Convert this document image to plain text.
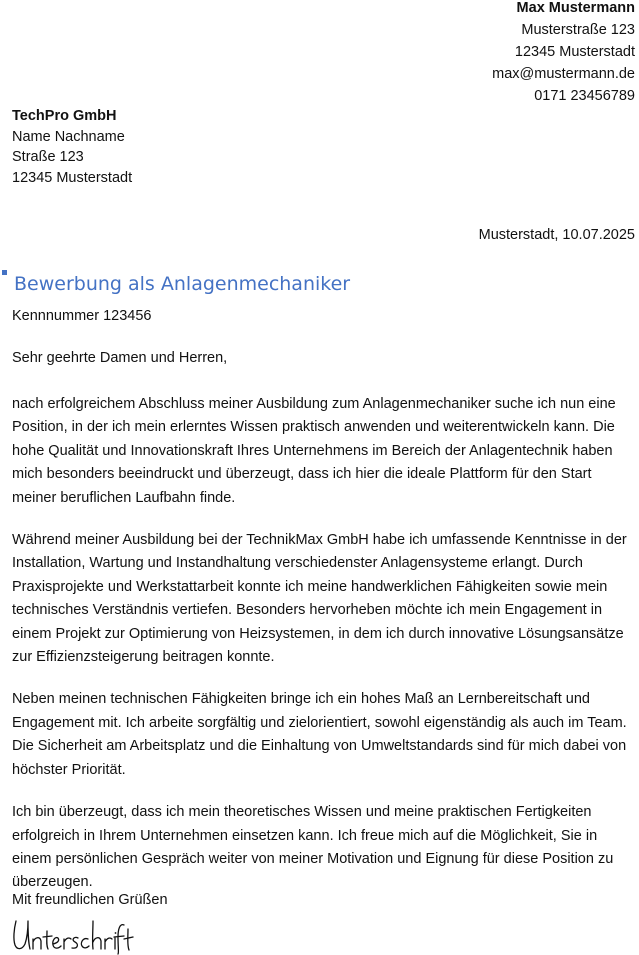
Max Mustermann
Musterstraße 123
12345 Musterstadt
max@mustermann.de
0171 23456789
TechPro GmbH
Name Nachname
Straße 123
12345 Musterstadt
Musterstadt, 10.07.2025
Bewerbung als Anlagenmechaniker
Kennnummer 123456
Sehr geehrte Damen und Herren,

nach erfolgreichem Abschluss meiner Ausbildung zum Anlagenmechaniker suche ich nun eine Position, in der ich mein erlerntes Wissen praktisch anwenden und weiterentwickeln kann. Die hohe Qualität und Innovationskraft Ihres Unternehmens im Bereich der Anlagentechnik haben mich besonders beeindruckt und überzeugt, dass ich hier die ideale Plattform für den Start meiner beruflichen Laufbahn finde.

Während meiner Ausbildung bei der TechnikMax GmbH habe ich umfassende Kenntnisse in der Installation, Wartung und Instandhaltung verschiedenster Anlagensysteme erlangt. Durch Praxisprojekte und Werkstattarbeit konnte ich meine handwerklichen Fähigkeiten sowie mein technisches Verständnis vertiefen. Besonders hervorheben möchte ich mein Engagement in einem Projekt zur Optimierung von Heizsystemen, in dem ich durch innovative Lösungsansätze zur Effizienzsteigerung beitragen konnte.

Neben meinen technischen Fähigkeiten bringe ich ein hohes Maß an Lernbereitschaft und Engagement mit. Ich arbeite sorgfältig und zielorientiert, sowohl eigenständig als auch im Team. Die Sicherheit am Arbeitsplatz und die Einhaltung von Umweltstandards sind für mich dabei von höchster Priorität.

Ich bin überzeugt, dass ich mein theoretisches Wissen und meine praktischen Fertigkeiten erfolgreich in Ihrem Unternehmen einsetzen kann. Ich freue mich auf die Möglichkeit, Sie in einem persönlichen Gespräch weiter von meiner Motivation und Eignung für diese Position zu überzeugen.

Mit freundlichen Grüßen
